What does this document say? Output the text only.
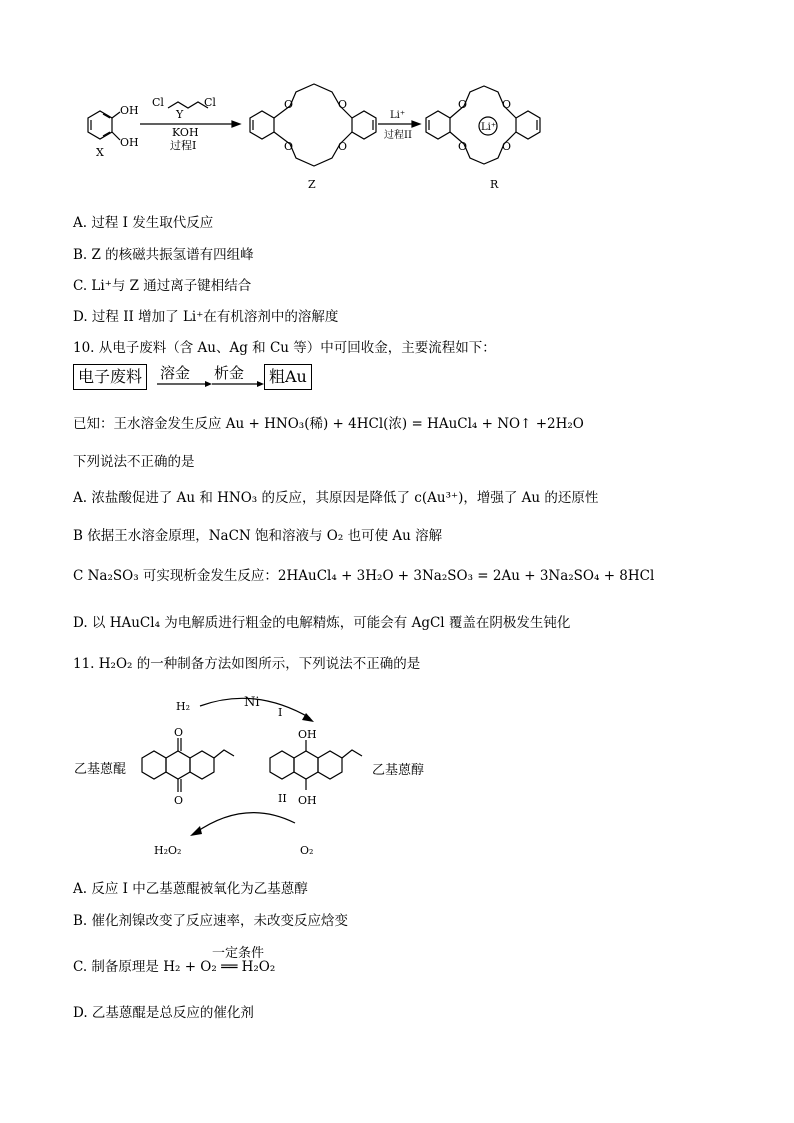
OH
OH
X
Cl	Cl
Y
KOH
过程I
O	O
O	O
Z
Li⁺
过程II
Li⁺
O	O
O	O
R
A. 过程 I 发生取代反应
B. Z 的核磁共振氢谱有四组峰
C. Li⁺与 Z 通过离子键相结合
D. 过程 II 增加了 Li⁺在有机溶剂中的溶解度
10. 从电子废料（含 Au、Ag 和 Cu 等）中可回收金，主要流程如下：
电子废料	溶金 析金	粗Au
已知：王水溶金发生反应 Au + HNO₃(稀) + 4HCl(浓) = HAuCl₄ + NO↑ +2H₂O
下列说法不正确的是
A. 浓盐酸促进了 Au 和 HNO₃ 的反应，其原因是降低了 c(Au³⁺)，增强了 Au 的还原性
B 依据王水溶金原理，NaCN 饱和溶液与 O₂ 也可使 Au 溶解
C Na₂SO₃ 可实现析金发生反应：2HAuCl₄ + 3H₂O + 3Na₂SO₃ = 2Au + 3Na₂SO₄ + 8HCl
D. 以 HAuCl₄ 为电解质进行粗金的电解精炼，可能会有 AgCl 覆盖在阴极发生钝化
11. H₂O₂ 的一种制备方法如图所示，下列说法不正确的是
H₂	Ni
I
乙基蒽醌
O
O
OH
OH
II
乙基蒽醇
H₂O₂	O₂
A. 反应 I 中乙基蒽醌被氧化为乙基蒽醇
B. 催化剂镍改变了反应速率，未改变反应焓变
一定条件
C. 制备原理是 H₂ + O₂ ══ H₂O₂
D. 乙基蒽醌是总反应的催化剂
